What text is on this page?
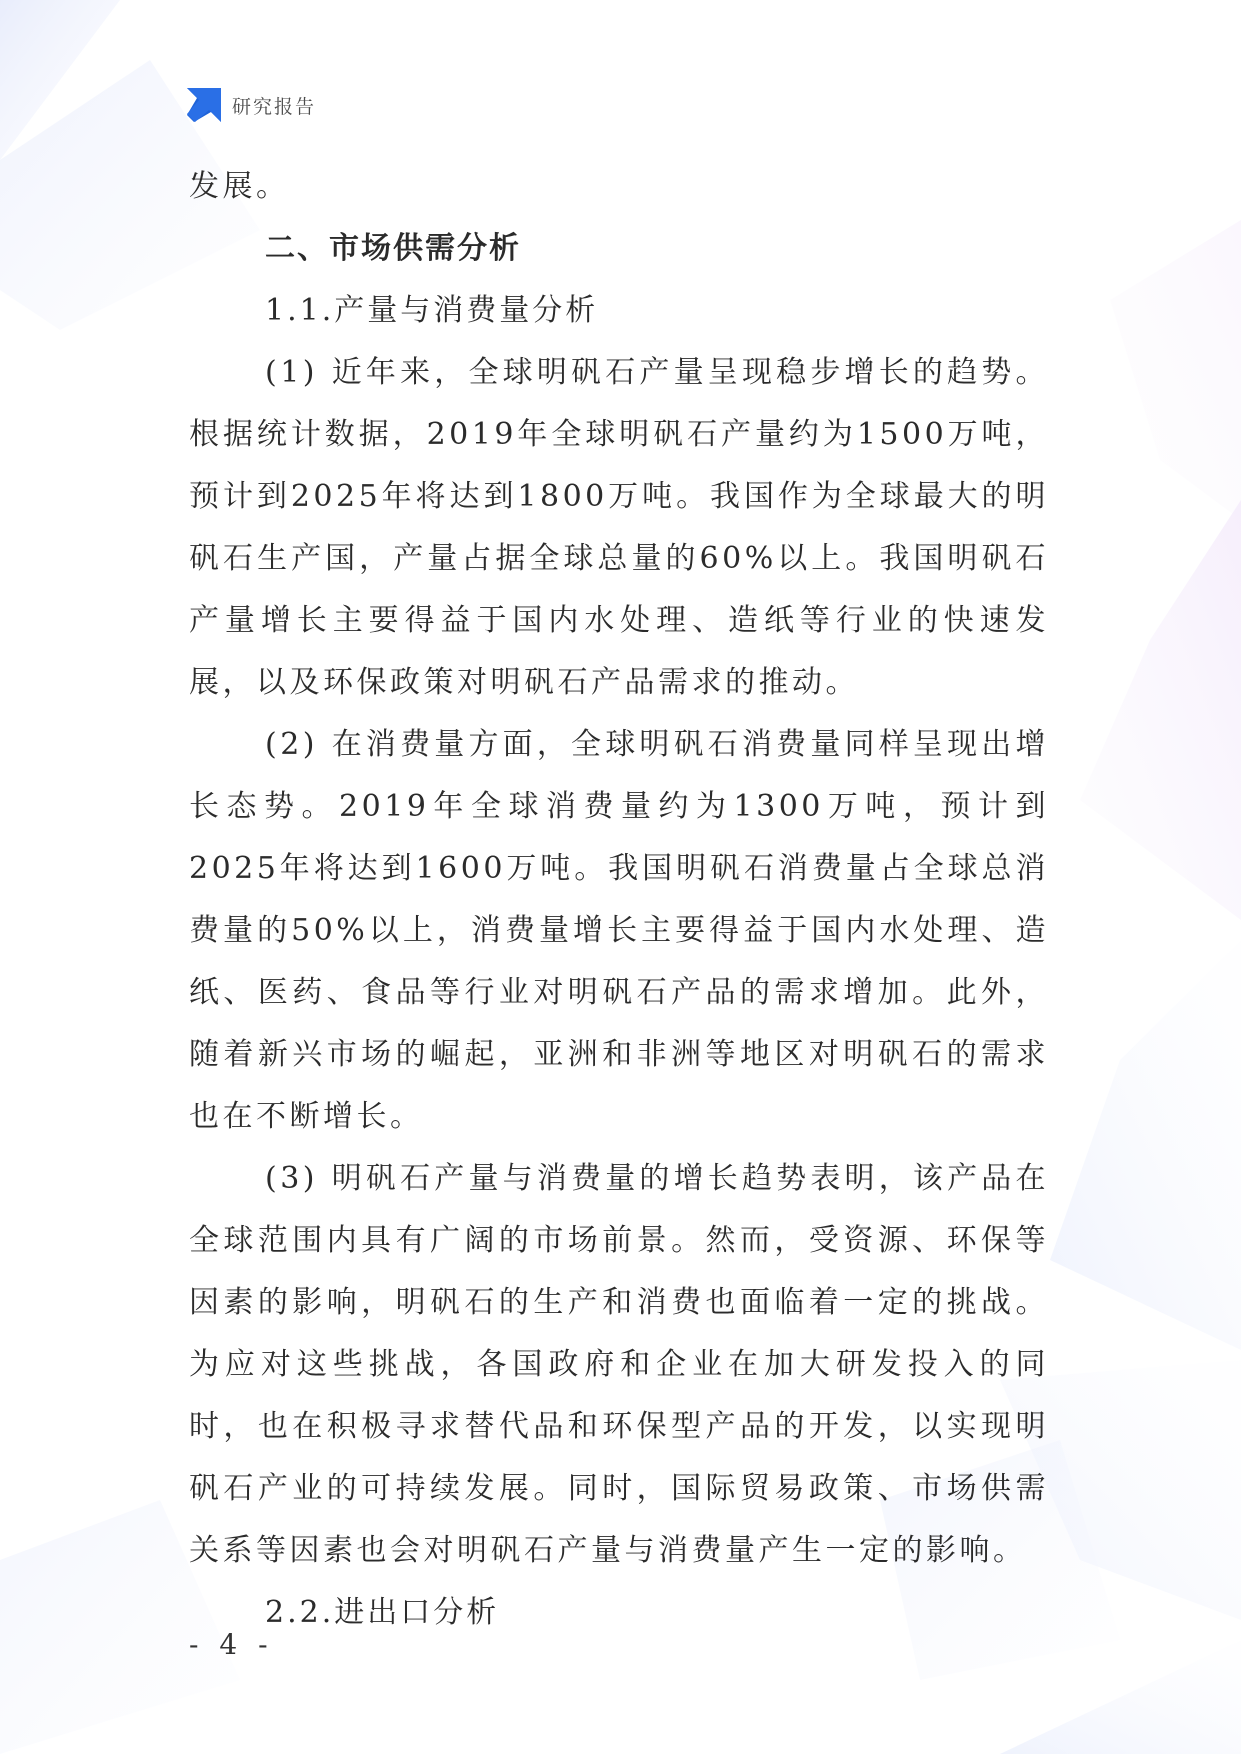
研究报告

发展。

二、市场供需分析

1.1.产量与消费量分析

(1) 近年来，全球明矾石产量呈现稳步增长的趋势。根据统计数据，2019年全球明矾石产量约为1500万吨，预计到2025年将达到1800万吨。我国作为全球最大的明矾石生产国，产量占据全球总量的60%以上。我国明矾石产量增长主要得益于国内水处理、造纸等行业的快速发展，以及环保政策对明矾石产品需求的推动。

(2) 在消费量方面，全球明矾石消费量同样呈现出增长态势。2019年全球消费量约为1300万吨，预计到2025年将达到1600万吨。我国明矾石消费量占全球总消费量的50%以上，消费量增长主要得益于国内水处理、造纸、医药、食品等行业对明矾石产品的需求增加。此外，随着新兴市场的崛起，亚洲和非洲等地区对明矾石的需求也在不断增长。

(3) 明矾石产量与消费量的增长趋势表明，该产品在全球范围内具有广阔的市场前景。然而，受资源、环保等因素的影响，明矾石的生产和消费也面临着一定的挑战。为应对这些挑战，各国政府和企业在加大研发投入的同时，也在积极寻求替代品和环保型产品的开发，以实现明矾石产业的可持续发展。同时，国际贸易政策、市场供需关系等因素也会对明矾石产量与消费量产生一定的影响。

2.2.进出口分析

- 4 -
